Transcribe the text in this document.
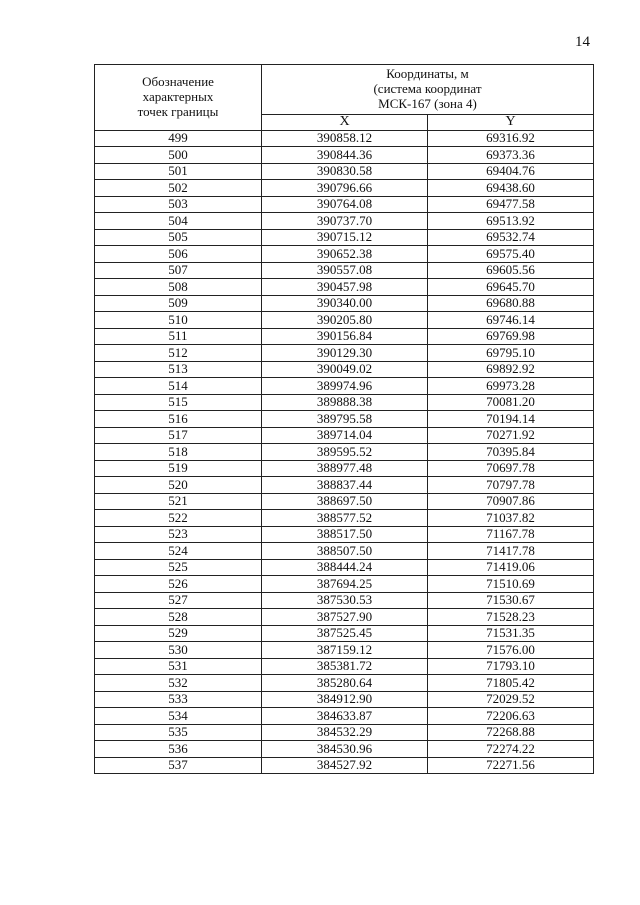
14
Обозначение
характерных
точек границы	Координаты, м
(система координат
МСК-167 (зона 4)	

	X	Y
499	390858.12	69316.92
500	390844.36	69373.36
501	390830.58	69404.76
502	390796.66	69438.60
503	390764.08	69477.58
504	390737.70	69513.92
505	390715.12	69532.74
506	390652.38	69575.40
507	390557.08	69605.56
508	390457.98	69645.70
509	390340.00	69680.88
510	390205.80	69746.14
511	390156.84	69769.98
512	390129.30	69795.10
513	390049.02	69892.92
514	389974.96	69973.28
515	389888.38	70081.20
516	389795.58	70194.14
517	389714.04	70271.92
518	389595.52	70395.84
519	388977.48	70697.78
520	388837.44	70797.78
521	388697.50	70907.86
522	388577.52	71037.82
523	388517.50	71167.78
524	388507.50	71417.78
525	388444.24	71419.06
526	387694.25	71510.69
527	387530.53	71530.67
528	387527.90	71528.23
529	387525.45	71531.35
530	387159.12	71576.00
531	385381.72	71793.10
532	385280.64	71805.42
533	384912.90	72029.52
534	384633.87	72206.63
535	384532.29	72268.88
536	384530.96	72274.22
537	384527.92	72271.56
